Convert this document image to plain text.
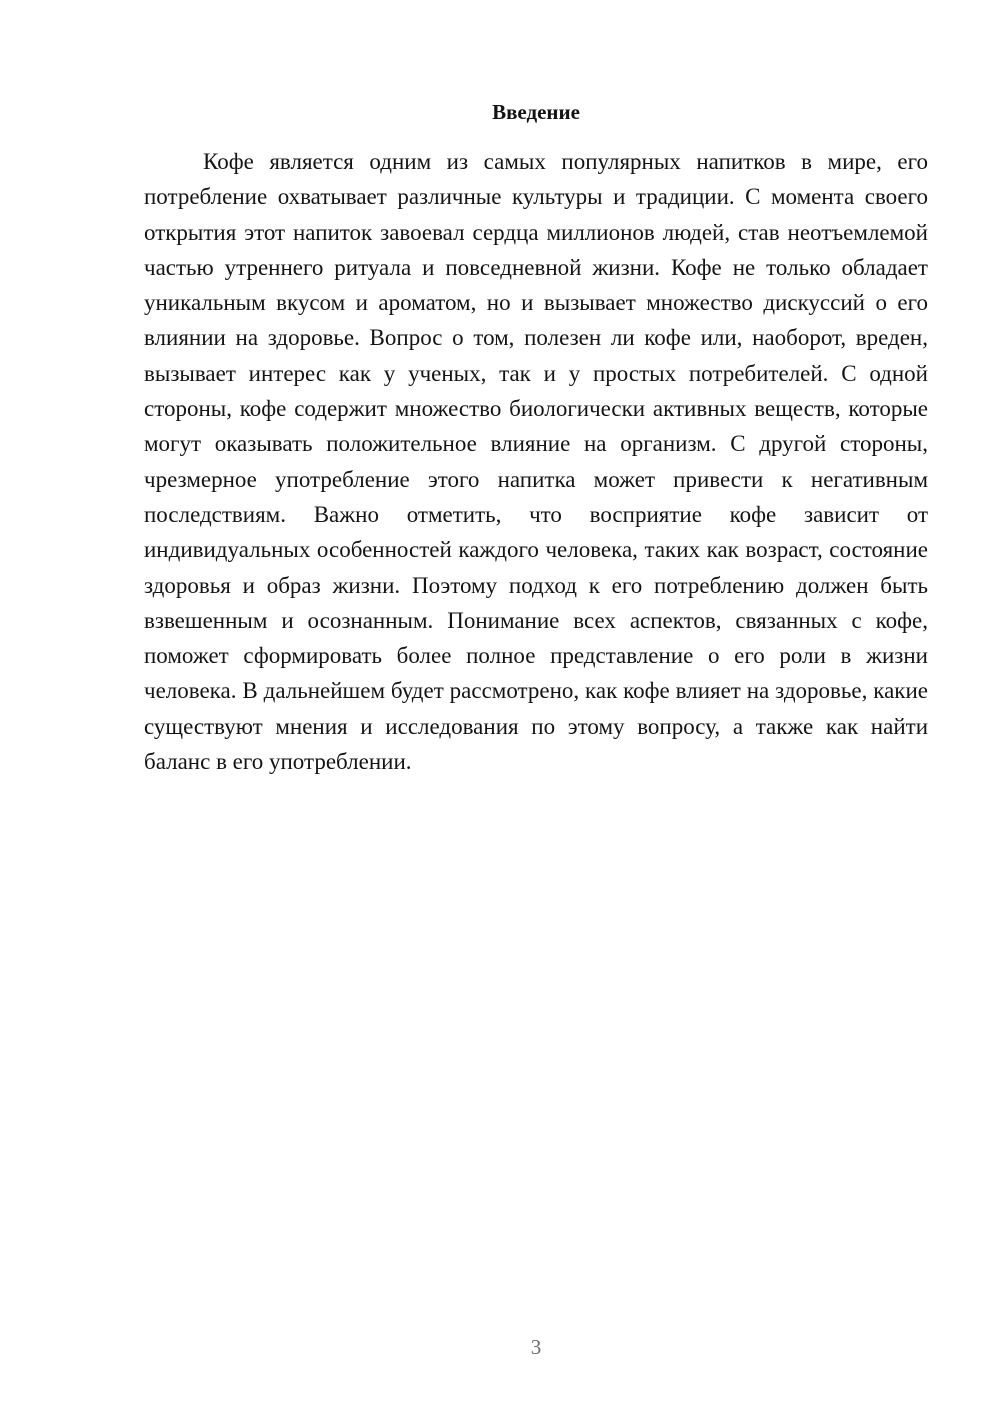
Введение

Кофе является одним из самых популярных напитков в мире, его потребление охватывает различные культуры и традиции. С момента своего открытия этот напиток завоевал сердца миллионов людей, став неотъемлемой частью утреннего ритуала и повседневной жизни. Кофе не только обладает уникальным вкусом и ароматом, но и вызывает множество дискуссий о его влиянии на здоровье. Вопрос о том, полезен ли кофе или, наоборот, вреден, вызывает интерес как у ученых, так и у простых потребителей. С одной стороны, кофе содержит множество биологически активных веществ, которые могут оказывать положительное влияние на организм. С другой стороны, чрезмерное употребление этого напитка может привести к негативным последствиям. Важно отметить, что восприятие кофе зависит от индивидуальных особенностей каждого человека, таких как возраст, состояние здоровья и образ жизни. Поэтому подход к его потреблению должен быть взвешенным и осознанным. Понимание всех аспектов, связанных с кофе, поможет сформировать более полное представление о его роли в жизни человека. В дальнейшем будет рассмотрено, как кофе влияет на здоровье, какие существуют мнения и исследования по этому вопросу, а также как найти баланс в его употреблении.

3
